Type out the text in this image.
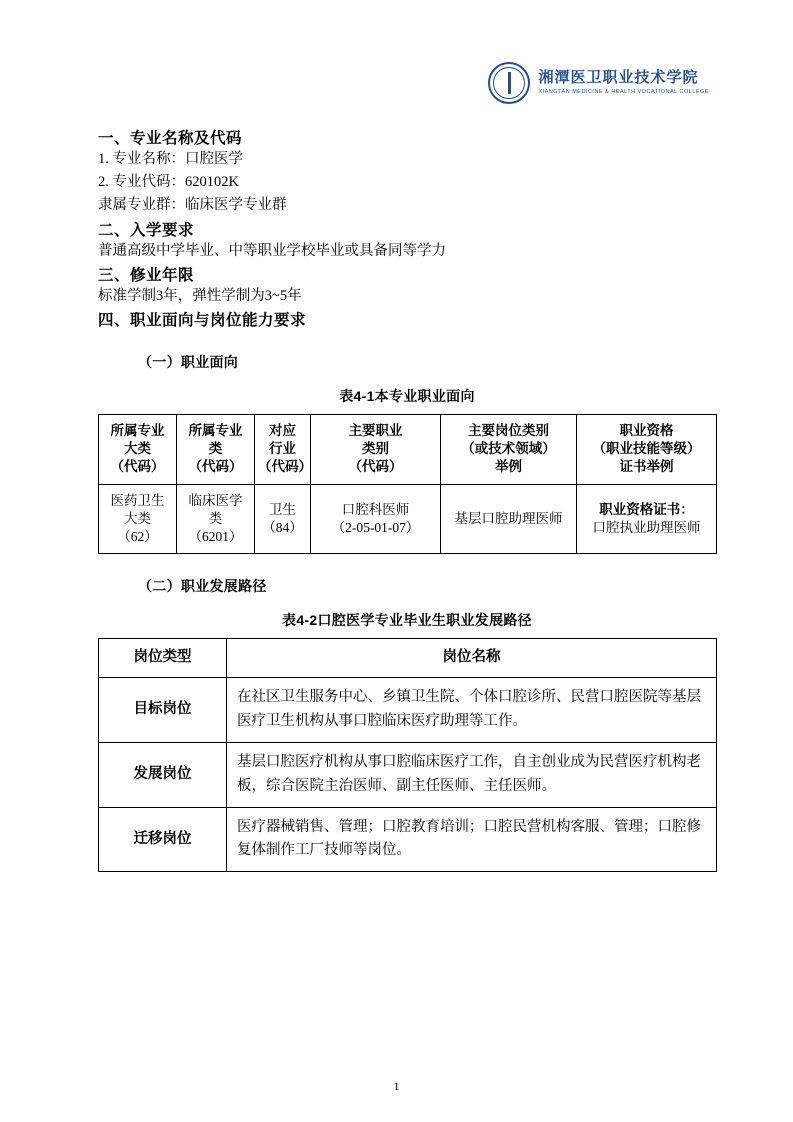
湘潭医卫职业技术学院
XIANGTAN MEDICINE & HEALTH VOCATIONAL COLLEGE
一、专业名称及代码

1. 专业名称：口腔医学

2. 专业代码：620102K

隶属专业群：临床医学专业群

二、入学要求

普通高级中学毕业、中等职业学校毕业或具备同等学力

三、修业年限

标准学制3年，弹性学制为3~5年

四、职业面向与岗位能力要求
（一）职业面向
表4-1本专业职业面向
所属专业
大类
（代码）	所属专业
类
（代码）	对应
行业
（代码）	主要职业
类别
（代码）	主要岗位类别
（或技术领域）
举例	职业资格
（职业技能等级）
证书举例

医药卫生
大类
（62）	临床医学
类
（6201）	卫生
（84）	口腔科医师
（2-05-01-07）	基层口腔助理医师	职业资格证书：
口腔执业助理医师
（二）职业发展路径
表4-2口腔医学专业毕业生职业发展路径
岗位类型	岗位名称
目标岗位	在社区卫生服务中心、乡镇卫生院、个体口腔诊所、民营口腔医院等基层医疗卫生机构从事口腔临床医疗助理等工作。
发展岗位	基层口腔医疗机构从事口腔临床医疗工作，自主创业成为民营医疗机构老板，综合医院主治医师、副主任医师、主任医师。
迁移岗位	医疗器械销售、管理；口腔教育培训；口腔民营机构客服、管理；口腔修复体制作工厂技师等岗位。
1
